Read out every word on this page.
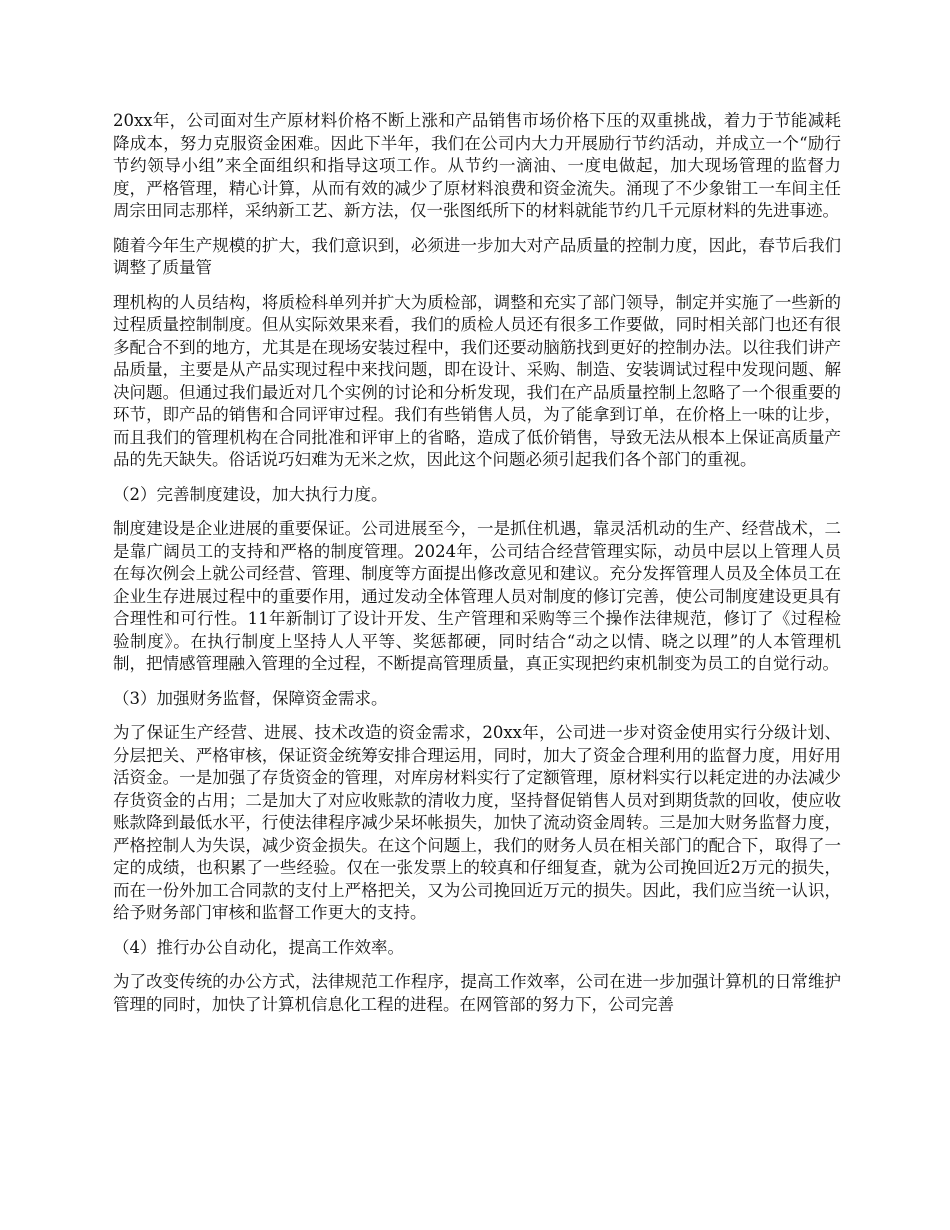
20xx年，公司面对生产原材料价格不断上涨和产品销售市场价格下压的双重挑战，着力于节能减耗降成本，努力克服资金困难。因此下半年，我们在公司内大力开展励行节约活动，并成立一个“励行节约领导小组”来全面组织和指导这项工作。从节约一滴油、一度电做起，加大现场管理的监督力度，严格管理，精心计算，从而有效的减少了原材料浪费和资金流失。涌现了不少象钳工一车间主任周宗田同志那样，采纳新工艺、新方法，仅一张图纸所下的材料就能节约几千元原材料的先进事迹。

随着今年生产规模的扩大，我们意识到，必须进一步加大对产品质量的控制力度，因此，春节后我们调整了质量管

理机构的人员结构，将质检科单列并扩大为质检部，调整和充实了部门领导，制定并实施了一些新的过程质量控制制度。但从实际效果来看，我们的质检人员还有很多工作要做，同时相关部门也还有很多配合不到的地方，尤其是在现场安装过程中，我们还要动脑筋找到更好的控制办法。以往我们讲产品质量，主要是从产品实现过程中来找问题，即在设计、采购、制造、安装调试过程中发现问题、解决问题。但通过我们最近对几个实例的讨论和分析发现，我们在产品质量控制上忽略了一个很重要的环节，即产品的销售和合同评审过程。我们有些销售人员，为了能拿到订单，在价格上一味的让步，而且我们的管理机构在合同批准和评审上的省略，造成了低价销售，导致无法从根本上保证高质量产品的先天缺失。俗话说巧妇难为无米之炊，因此这个问题必须引起我们各个部门的重视。

（2）完善制度建设，加大执行力度。

制度建设是企业进展的重要保证。公司进展至今，一是抓住机遇，靠灵活机动的生产、经营战术，二是靠广阔员工的支持和严格的制度管理。2024年，公司结合经营管理实际，动员中层以上管理人员在每次例会上就公司经营、管理、制度等方面提出修改意见和建议。充分发挥管理人员及全体员工在企业生存进展过程中的重要作用，通过发动全体管理人员对制度的修订完善，使公司制度建设更具有合理性和可行性。11年新制订了设计开发、生产管理和采购等三个操作法律规范，修订了《过程检验制度》。在执行制度上坚持人人平等、奖惩都硬，同时结合“动之以情、晓之以理”的人本管理机制，把情感管理融入管理的全过程，不断提高管理质量，真正实现把约束机制变为员工的自觉行动。

（3）加强财务监督，保障资金需求。

为了保证生产经营、进展、技术改造的资金需求，20xx年，公司进一步对资金使用实行分级计划、分层把关、严格审核，保证资金统筹安排合理运用，同时，加大了资金合理利用的监督力度，用好用活资金。一是加强了存货资金的管理，对库房材料实行了定额管理，原材料实行以耗定进的办法减少存货资金的占用；二是加大了对应收账款的清收力度，坚持督促销售人员对到期货款的回收，使应收账款降到最低水平，行使法律程序减少呆坏帐损失，加快了流动资金周转。三是加大财务监督力度，严格控制人为失误，减少资金损失。在这个问题上，我们的财务人员在相关部门的配合下，取得了一定的成绩，也积累了一些经验。仅在一张发票上的较真和仔细复查，就为公司挽回近2万元的损失，而在一份外加工合同款的支付上严格把关，又为公司挽回近万元的损失。因此，我们应当统一认识，给予财务部门审核和监督工作更大的支持。

（4）推行办公自动化，提高工作效率。

为了改变传统的办公方式，法律规范工作程序，提高工作效率，公司在进一步加强计算机的日常维护管理的同时，加快了计算机信息化工程的进程。在网管部的努力下，公司完善
